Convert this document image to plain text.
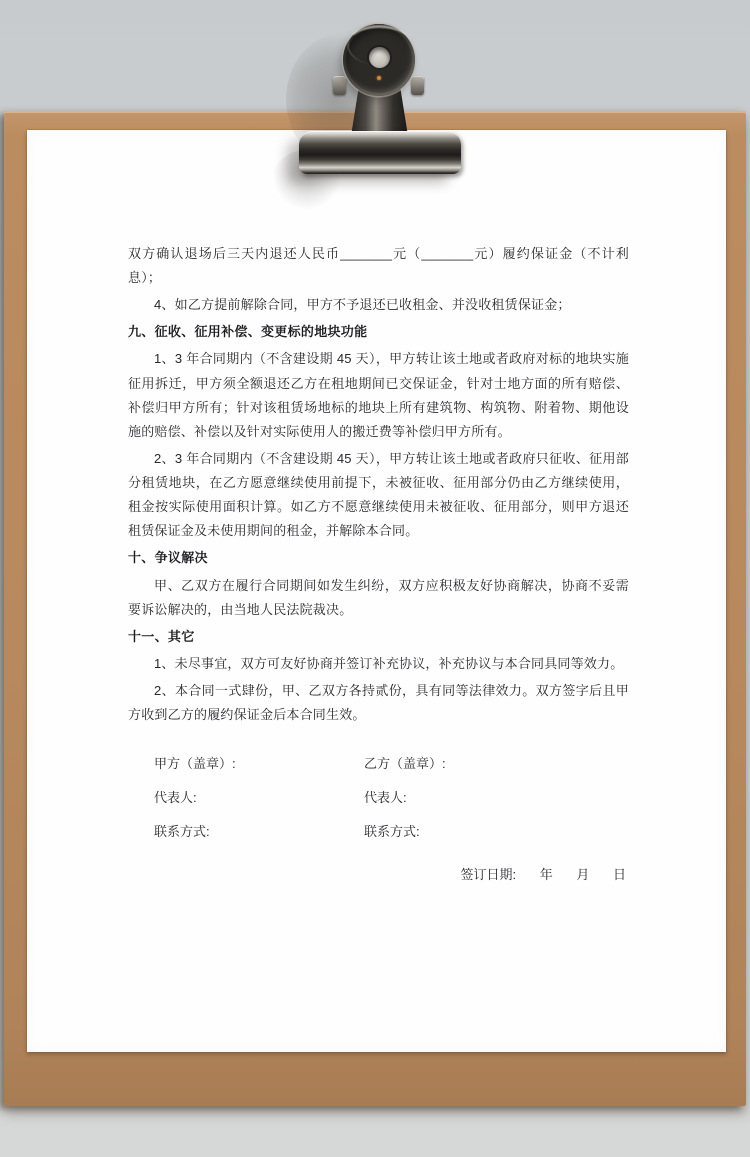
双方确认退场后三天内退还人民币_______元（_______元）履约保证金（不计利息）；

4、如乙方提前解除合同，甲方不予退还已收租金、并没收租赁保证金；

九、征收、征用补偿、变更标的地块功能

1、3 年合同期内（不含建设期 45 天），甲方转让该土地或者政府对标的地块实施征用拆迁，甲方须全额退还乙方在租地期间已交保证金，针对士地方面的所有赔偿、补偿归甲方所有；针对该租赁场地标的地块上所有建筑物、构筑物、附着物、期他设施的赔偿、补偿以及针对实际使用人的搬迁费等补偿归甲方所有。

2、3 年合同期内（不含建设期 45 天），甲方转让该土地或者政府只征收、征用部分租赁地块，在乙方愿意继续使用前提下，未被征收、征用部分仍由乙方继续使用，租金按实际使用面积计算。如乙方不愿意继续使用未被征收、征用部分，则甲方退还租赁保证金及未使用期间的租金，并解除本合同。

十、争议解决

甲、乙双方在履行合同期间如发生纠纷，双方应积极友好协商解决，协商不妥需要诉讼解决的，由当地人民法院裁决。

十一、其它

1、未尽事宜，双方可友好协商并签订补充协议，补充协议与本合同具同等效力。

2、本合同一式肆份，甲、乙双方各持贰份，具有同等法律效力。双方签字后且甲方收到乙方的履约保证金后本合同生效。

甲方（盖章）:	乙方（盖章）:
代表人:	代表人:
联系方式:	联系方式:
签订日期: 年 月 日
